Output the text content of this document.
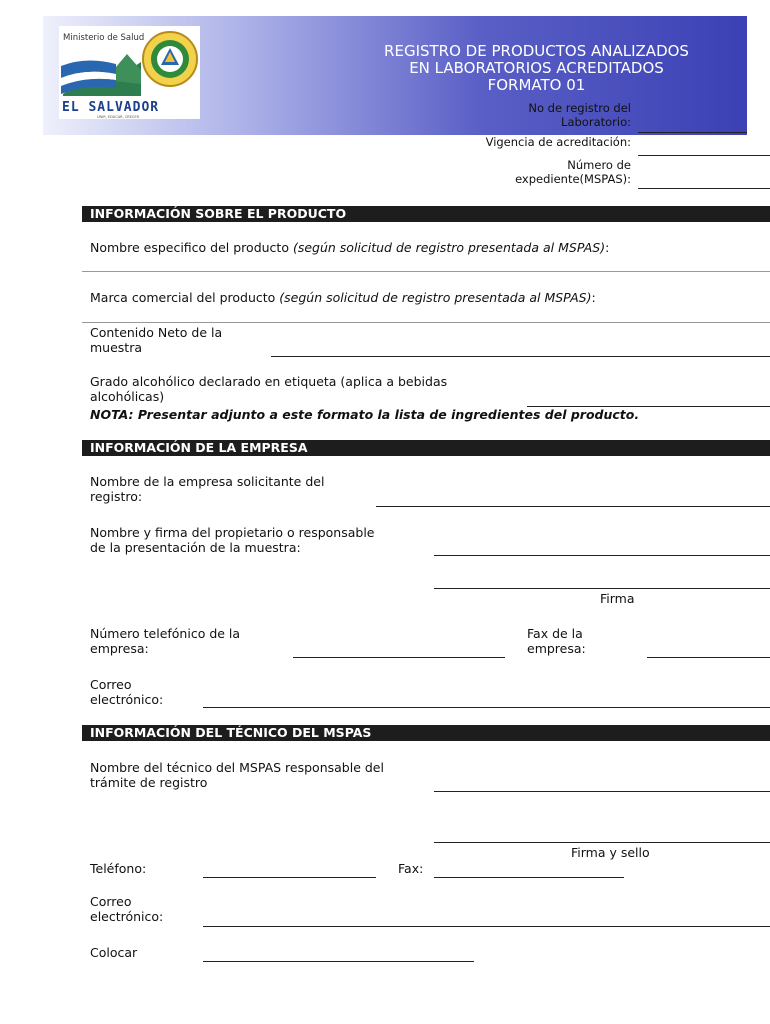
Ministerio de Salud
EL SALVADOR
UNIR, EDUCAR, CRECER
REGISTRO DE PRODUCTOS ANALIZADOS
EN LABORATORIOS ACREDITADOS
FORMATO 01
No de registro del
Laboratorio:
Vigencia de acreditación:
Número de
expediente(MSPAS):
INFORMACIÓN SOBRE EL PRODUCTO
Nombre especifico del producto (según solicitud de registro presentada al MSPAS):
Marca comercial del producto (según solicitud de registro presentada al MSPAS):
Contenido Neto de la
muestra
Grado alcohólico declarado en etiqueta (aplica a bebidas
alcohólicas)
NOTA: Presentar adjunto a este formato la lista de ingredientes del producto.
INFORMACIÓN DE LA EMPRESA
Nombre de la empresa solicitante del
registro:
Nombre y firma del propietario o responsable
de la presentación de la muestra:
Firma
Número telefónico de la
empresa:
Fax de la
empresa:
Correo
electrónico:
INFORMACIÓN DEL TÉCNICO DEL MSPAS
Nombre del técnico del MSPAS responsable del
trámite de registro
Firma y sello
Teléfono:	Fax:
Correo
electrónico:
Colocar
